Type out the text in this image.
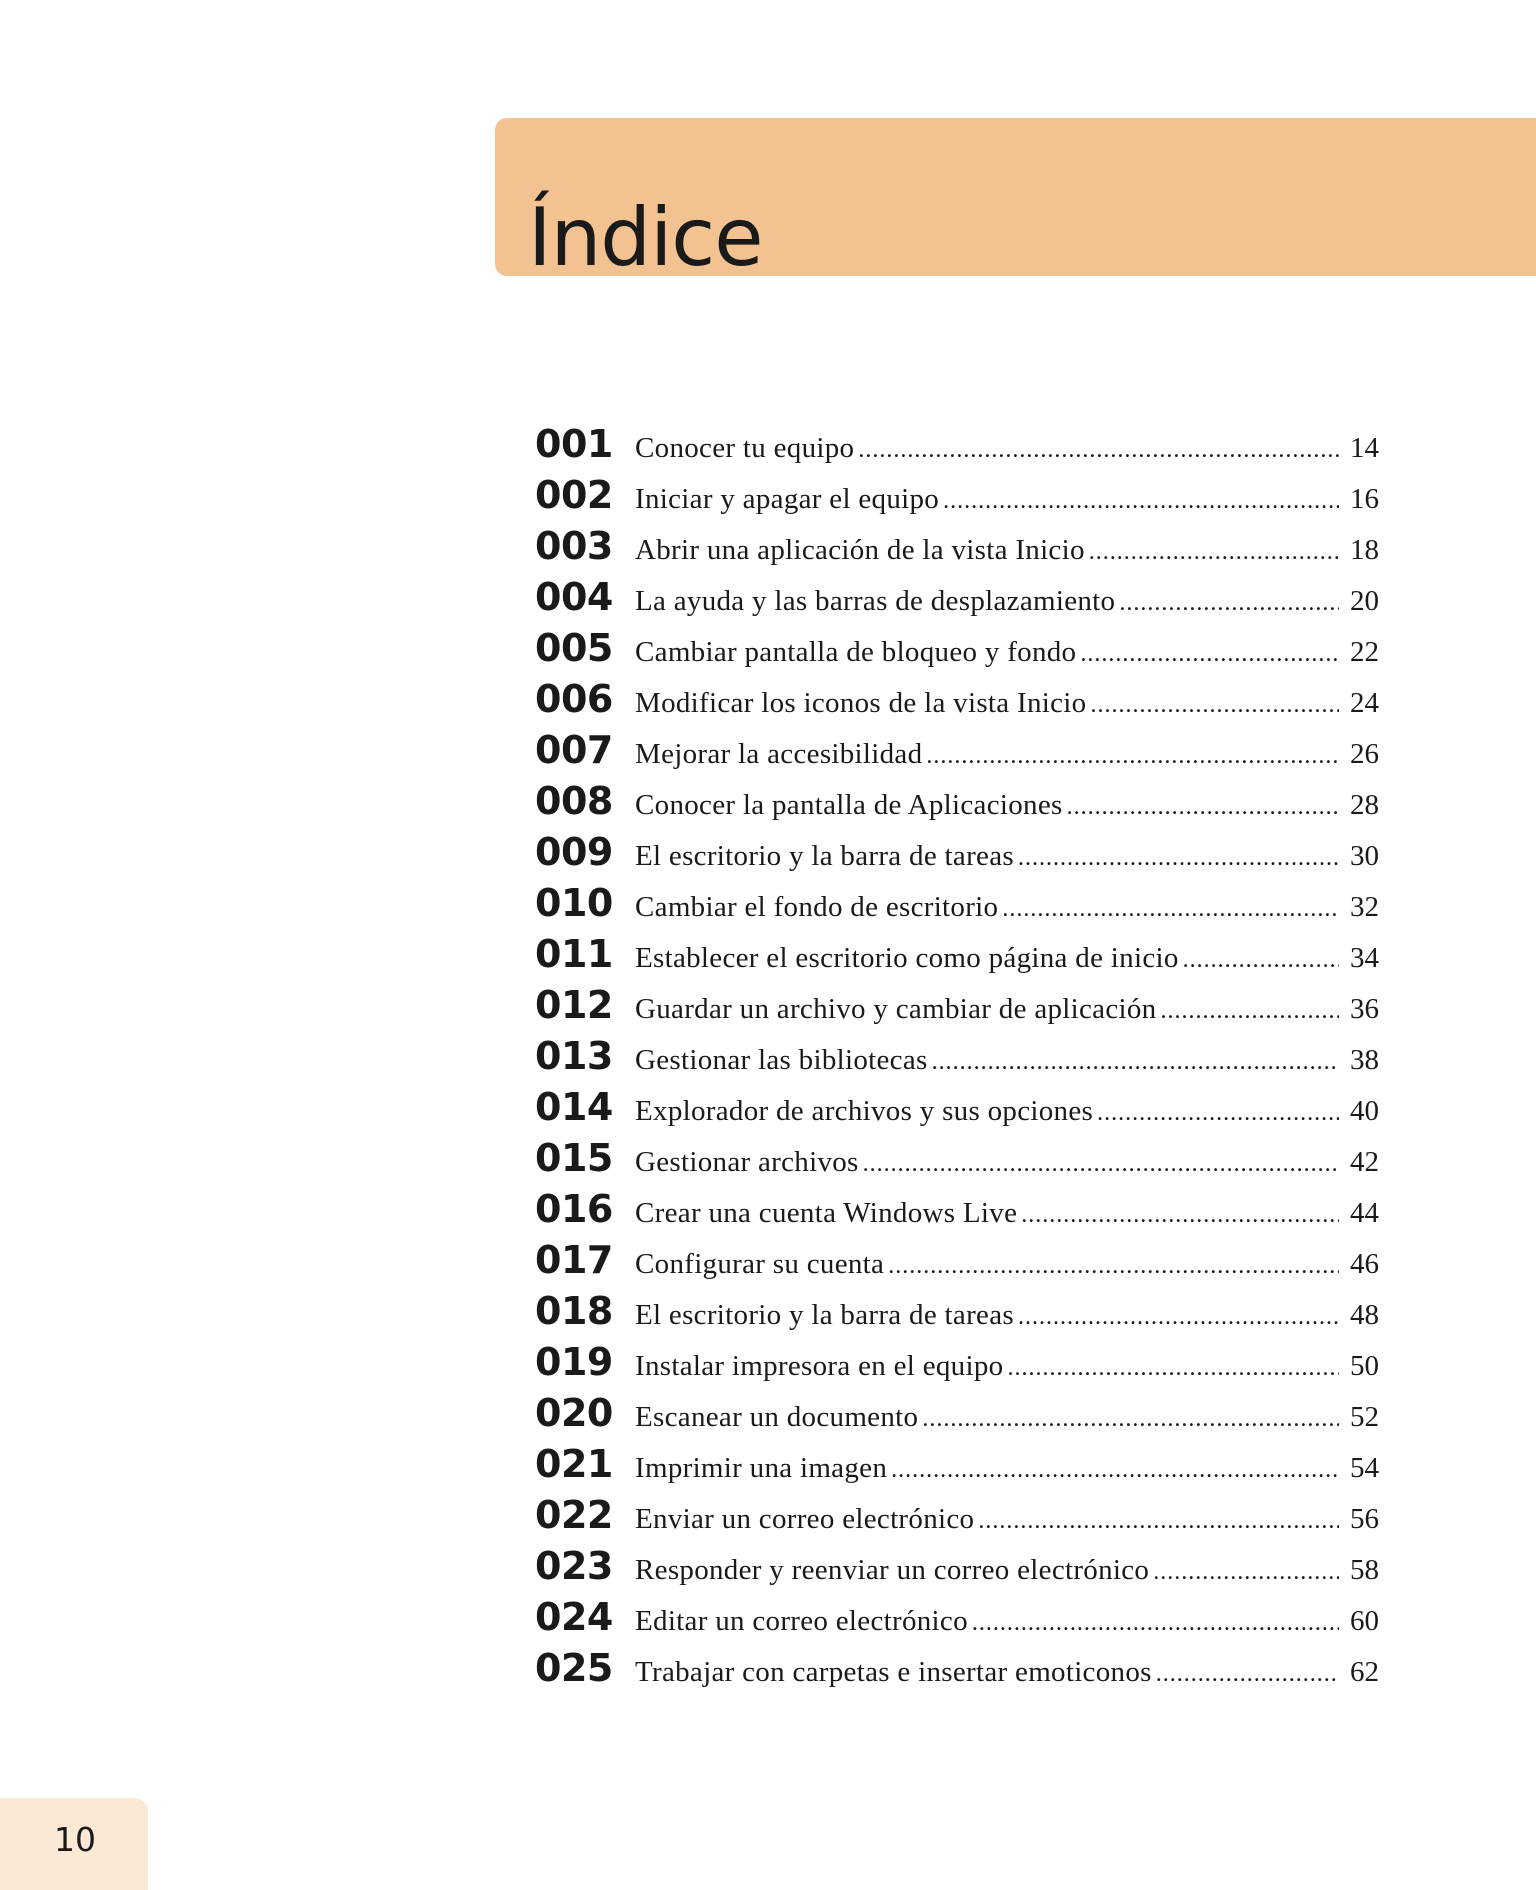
Índice
001 Conocer tu equipo .....	14
002 Iniciar y apagar el equipo .....	16
003 Abrir una aplicación de la vista Inicio .....	18
004 La ayuda y las barras de desplazamiento .....	20
005 Cambiar pantalla de bloqueo y fondo .....	22
006 Modificar los iconos de la vista Inicio .....	24
007 Mejorar la accesibilidad .....	26
008 Conocer la pantalla de Aplicaciones .....	28
009 El escritorio y la barra de tareas .....	30
010 Cambiar el fondo de escritorio .....	32
011 Establecer el escritorio como página de inicio .....	34
012 Guardar un archivo y cambiar de aplicación .....	36
013 Gestionar las bibliotecas .....	38
014 Explorador de archivos y sus opciones .....	40
015 Gestionar archivos .....	42
016 Crear una cuenta Windows Live .....	44
017 Configurar su cuenta .....	46
018 El escritorio y la barra de tareas .....	48
019 Instalar impresora en el equipo .....	50
020 Escanear un documento .....	52
021 Imprimir una imagen .....	54
022 Enviar un correo electrónico .....	56
023 Responder y reenviar un correo electrónico .....	58
024 Editar un correo electrónico .....	60
025 Trabajar con carpetas e insertar emoticonos .....	62
10
